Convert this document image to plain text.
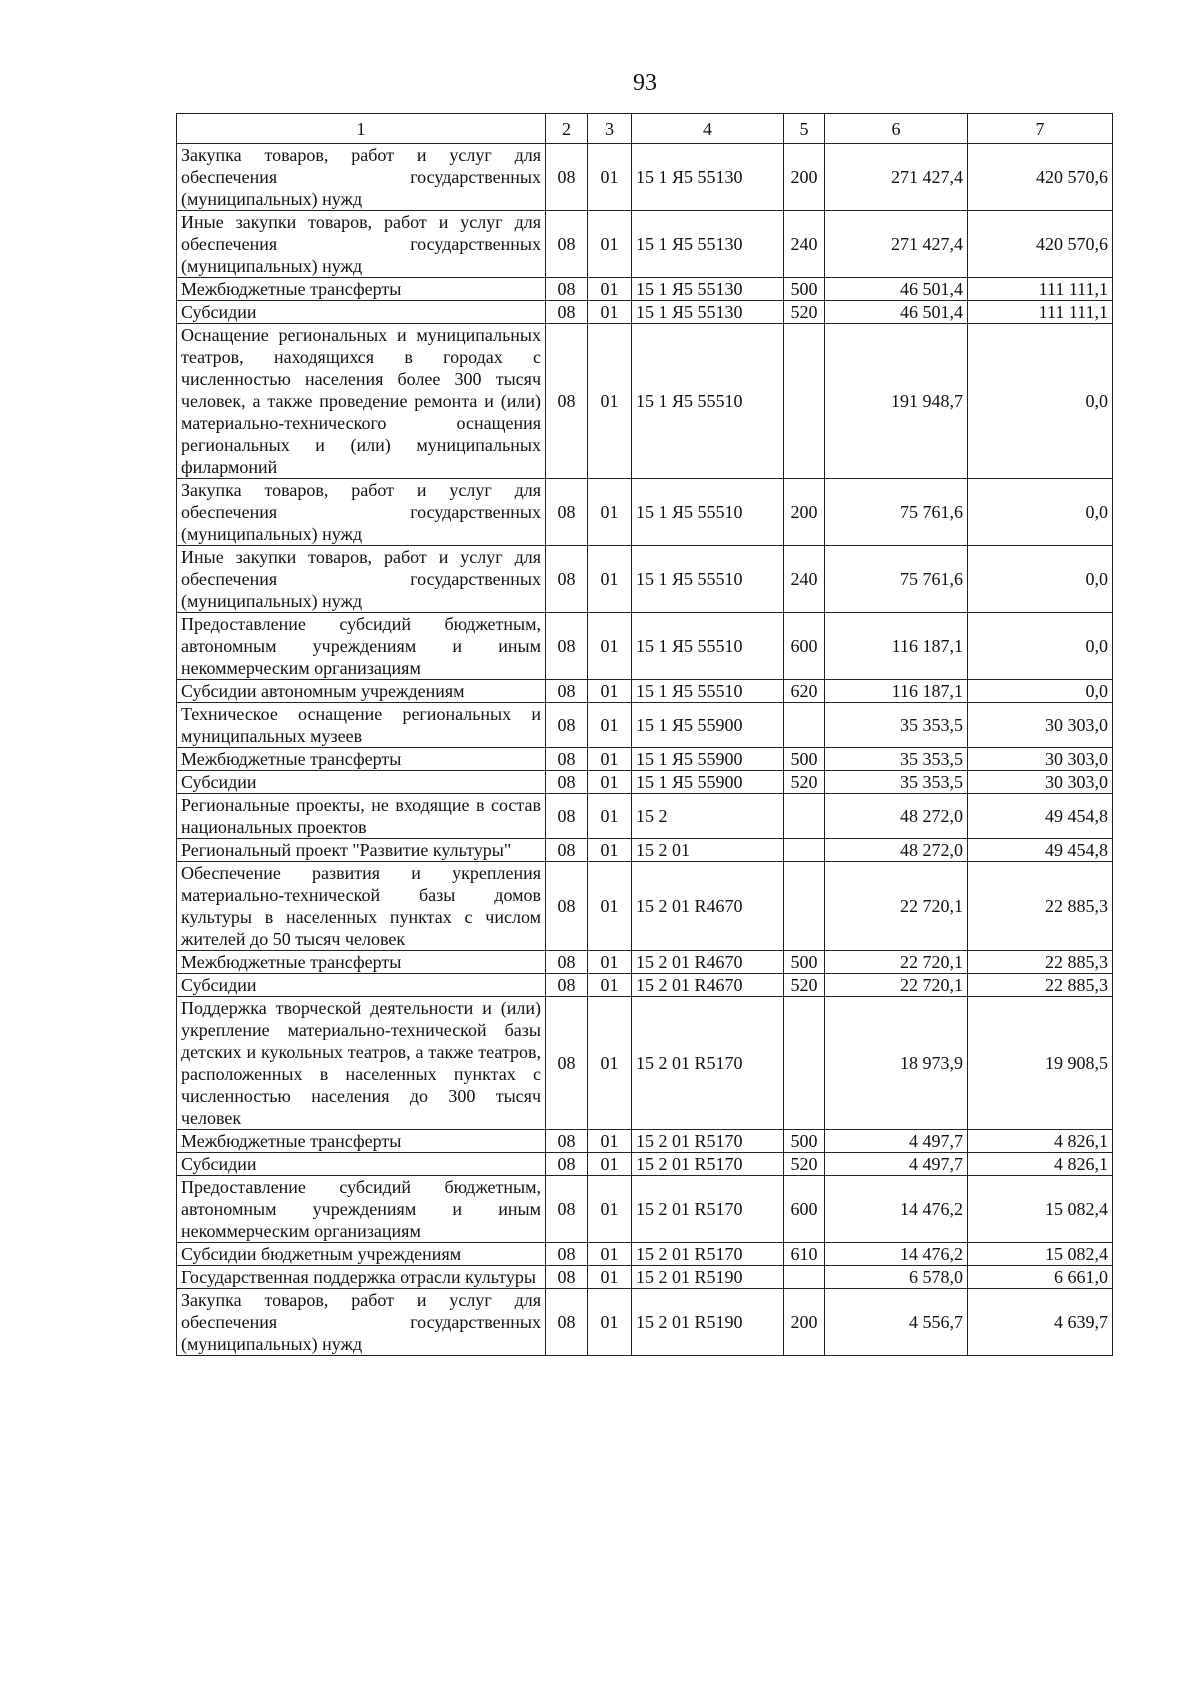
93
1	2	3	4	5	6	7
Закупка товаров, работ и услуг для обеспечения государственных (муниципальных) нужд	08	01	15 1 Я5 55130	200	271 427,4	420 570,6
Иные закупки товаров, работ и услуг для обеспечения государственных (муниципальных) нужд	08	01	15 1 Я5 55130	240	271 427,4	420 570,6
Межбюджетные трансферты	08	01	15 1 Я5 55130	500	46 501,4	111 111,1
Субсидии	08	01	15 1 Я5 55130	520	46 501,4	111 111,1
Оснащение региональных и муниципальных театров, находящихся в городах с численностью населения более 300 тысяч человек, а также проведение ремонта и (или) материально-технического оснащения региональных и (или) муниципальных филармоний	08	01	15 1 Я5 55510		191 948,7	0,0
Закупка товаров, работ и услуг для обеспечения государственных (муниципальных) нужд	08	01	15 1 Я5 55510	200	75 761,6	0,0
Иные закупки товаров, работ и услуг для обеспечения государственных (муниципальных) нужд	08	01	15 1 Я5 55510	240	75 761,6	0,0
Предоставление субсидий бюджетным, автономным учреждениям и иным некоммерческим организациям	08	01	15 1 Я5 55510	600	116 187,1	0,0
Субсидии автономным учреждениям	08	01	15 1 Я5 55510	620	116 187,1	0,0
Техническое оснащение региональных и муниципальных музеев	08	01	15 1 Я5 55900		35 353,5	30 303,0
Межбюджетные трансферты	08	01	15 1 Я5 55900	500	35 353,5	30 303,0
Субсидии	08	01	15 1 Я5 55900	520	35 353,5	30 303,0
Региональные проекты, не входящие в состав национальных проектов	08	01	15 2		48 272,0	49 454,8
Региональный проект "Развитие культуры"	08	01	15 2 01		48 272,0	49 454,8
Обеспечение развития и укрепления материально-технической базы домов культуры в населенных пунктах с числом жителей до 50 тысяч человек	08	01	15 2 01 R4670		22 720,1	22 885,3
Межбюджетные трансферты	08	01	15 2 01 R4670	500	22 720,1	22 885,3
Субсидии	08	01	15 2 01 R4670	520	22 720,1	22 885,3
Поддержка творческой деятельности и (или) укрепление материально-технической базы детских и кукольных театров, а также театров, расположенных в населенных пунктах с численностью населения до 300 тысяч человек	08	01	15 2 01 R5170		18 973,9	19 908,5
Межбюджетные трансферты	08	01	15 2 01 R5170	500	4 497,7	4 826,1
Субсидии	08	01	15 2 01 R5170	520	4 497,7	4 826,1
Предоставление субсидий бюджетным, автономным учреждениям и иным некоммерческим организациям	08	01	15 2 01 R5170	600	14 476,2	15 082,4
Субсидии бюджетным учреждениям	08	01	15 2 01 R5170	610	14 476,2	15 082,4
Государственная поддержка отрасли культуры	08	01	15 2 01 R5190		6 578,0	6 661,0
Закупка товаров, работ и услуг для обеспечения государственных (муниципальных) нужд	08	01	15 2 01 R5190	200	4 556,7	4 639,7
